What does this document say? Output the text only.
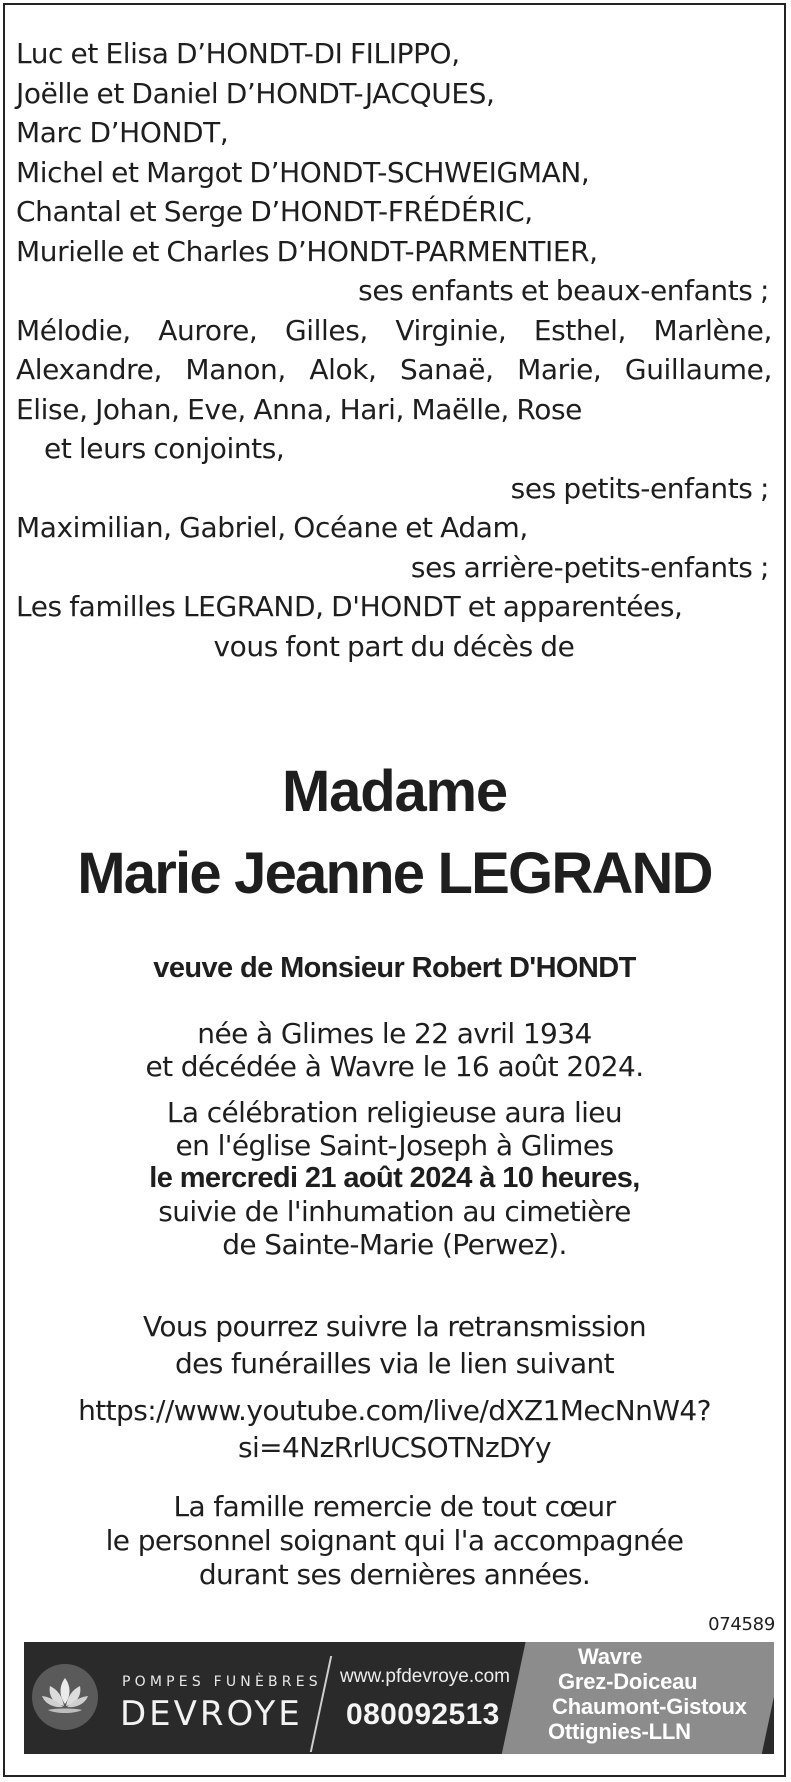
Luc et Elisa D’HONDT-DI FILIPPO,
Joëlle et Daniel D’HONDT-JACQUES,
Marc D’HONDT,
Michel et Margot D’HONDT-SCHWEIGMAN,
Chantal et Serge D’HONDT-FRÉDÉRIC,
Murielle et Charles D’HONDT-PARMENTIER,
ses enfants et beaux-enfants ;
Mélodie, Aurore, Gilles, Virginie, Esthel, Marlène,
Alexandre, Manon, Alok, Sanaë, Marie, Guillaume,
Elise, Johan, Eve, Anna, Hari, Maëlle, Rose
et leurs conjoints,
ses petits-enfants ;
Maximilian, Gabriel, Océane et Adam,
ses arrière-petits-enfants ;
Les familles LEGRAND, D'HONDT et apparentées,
vous font part du décès de
Madame
Marie Jeanne LEGRAND
veuve de Monsieur Robert D'HONDT
née à Glimes le 22 avril 1934
et décédée à Wavre le 16 août 2024.
La célébration religieuse aura lieu
en l'église Saint-Joseph à Glimes
le mercredi 21 août 2024 à 10 heures,
suivie de l'inhumation au cimetière
de Sainte-Marie (Perwez).
Vous pourrez suivre la retransmission
des funérailles via le lien suivant
https://www.youtube.com/live/dXZ1MecNnW4?
si=4NzRrlUCSOTNzDYy
La famille remercie de tout cœur
le personnel soignant qui l'a accompagnée
durant ses dernières années.
074589
POMPES FUNÈBRES
DEVROYE
www.pfdevroye.com
080092513
Wavre
Grez-Doiceau
Chaumont-Gistoux
Ottignies-LLN
